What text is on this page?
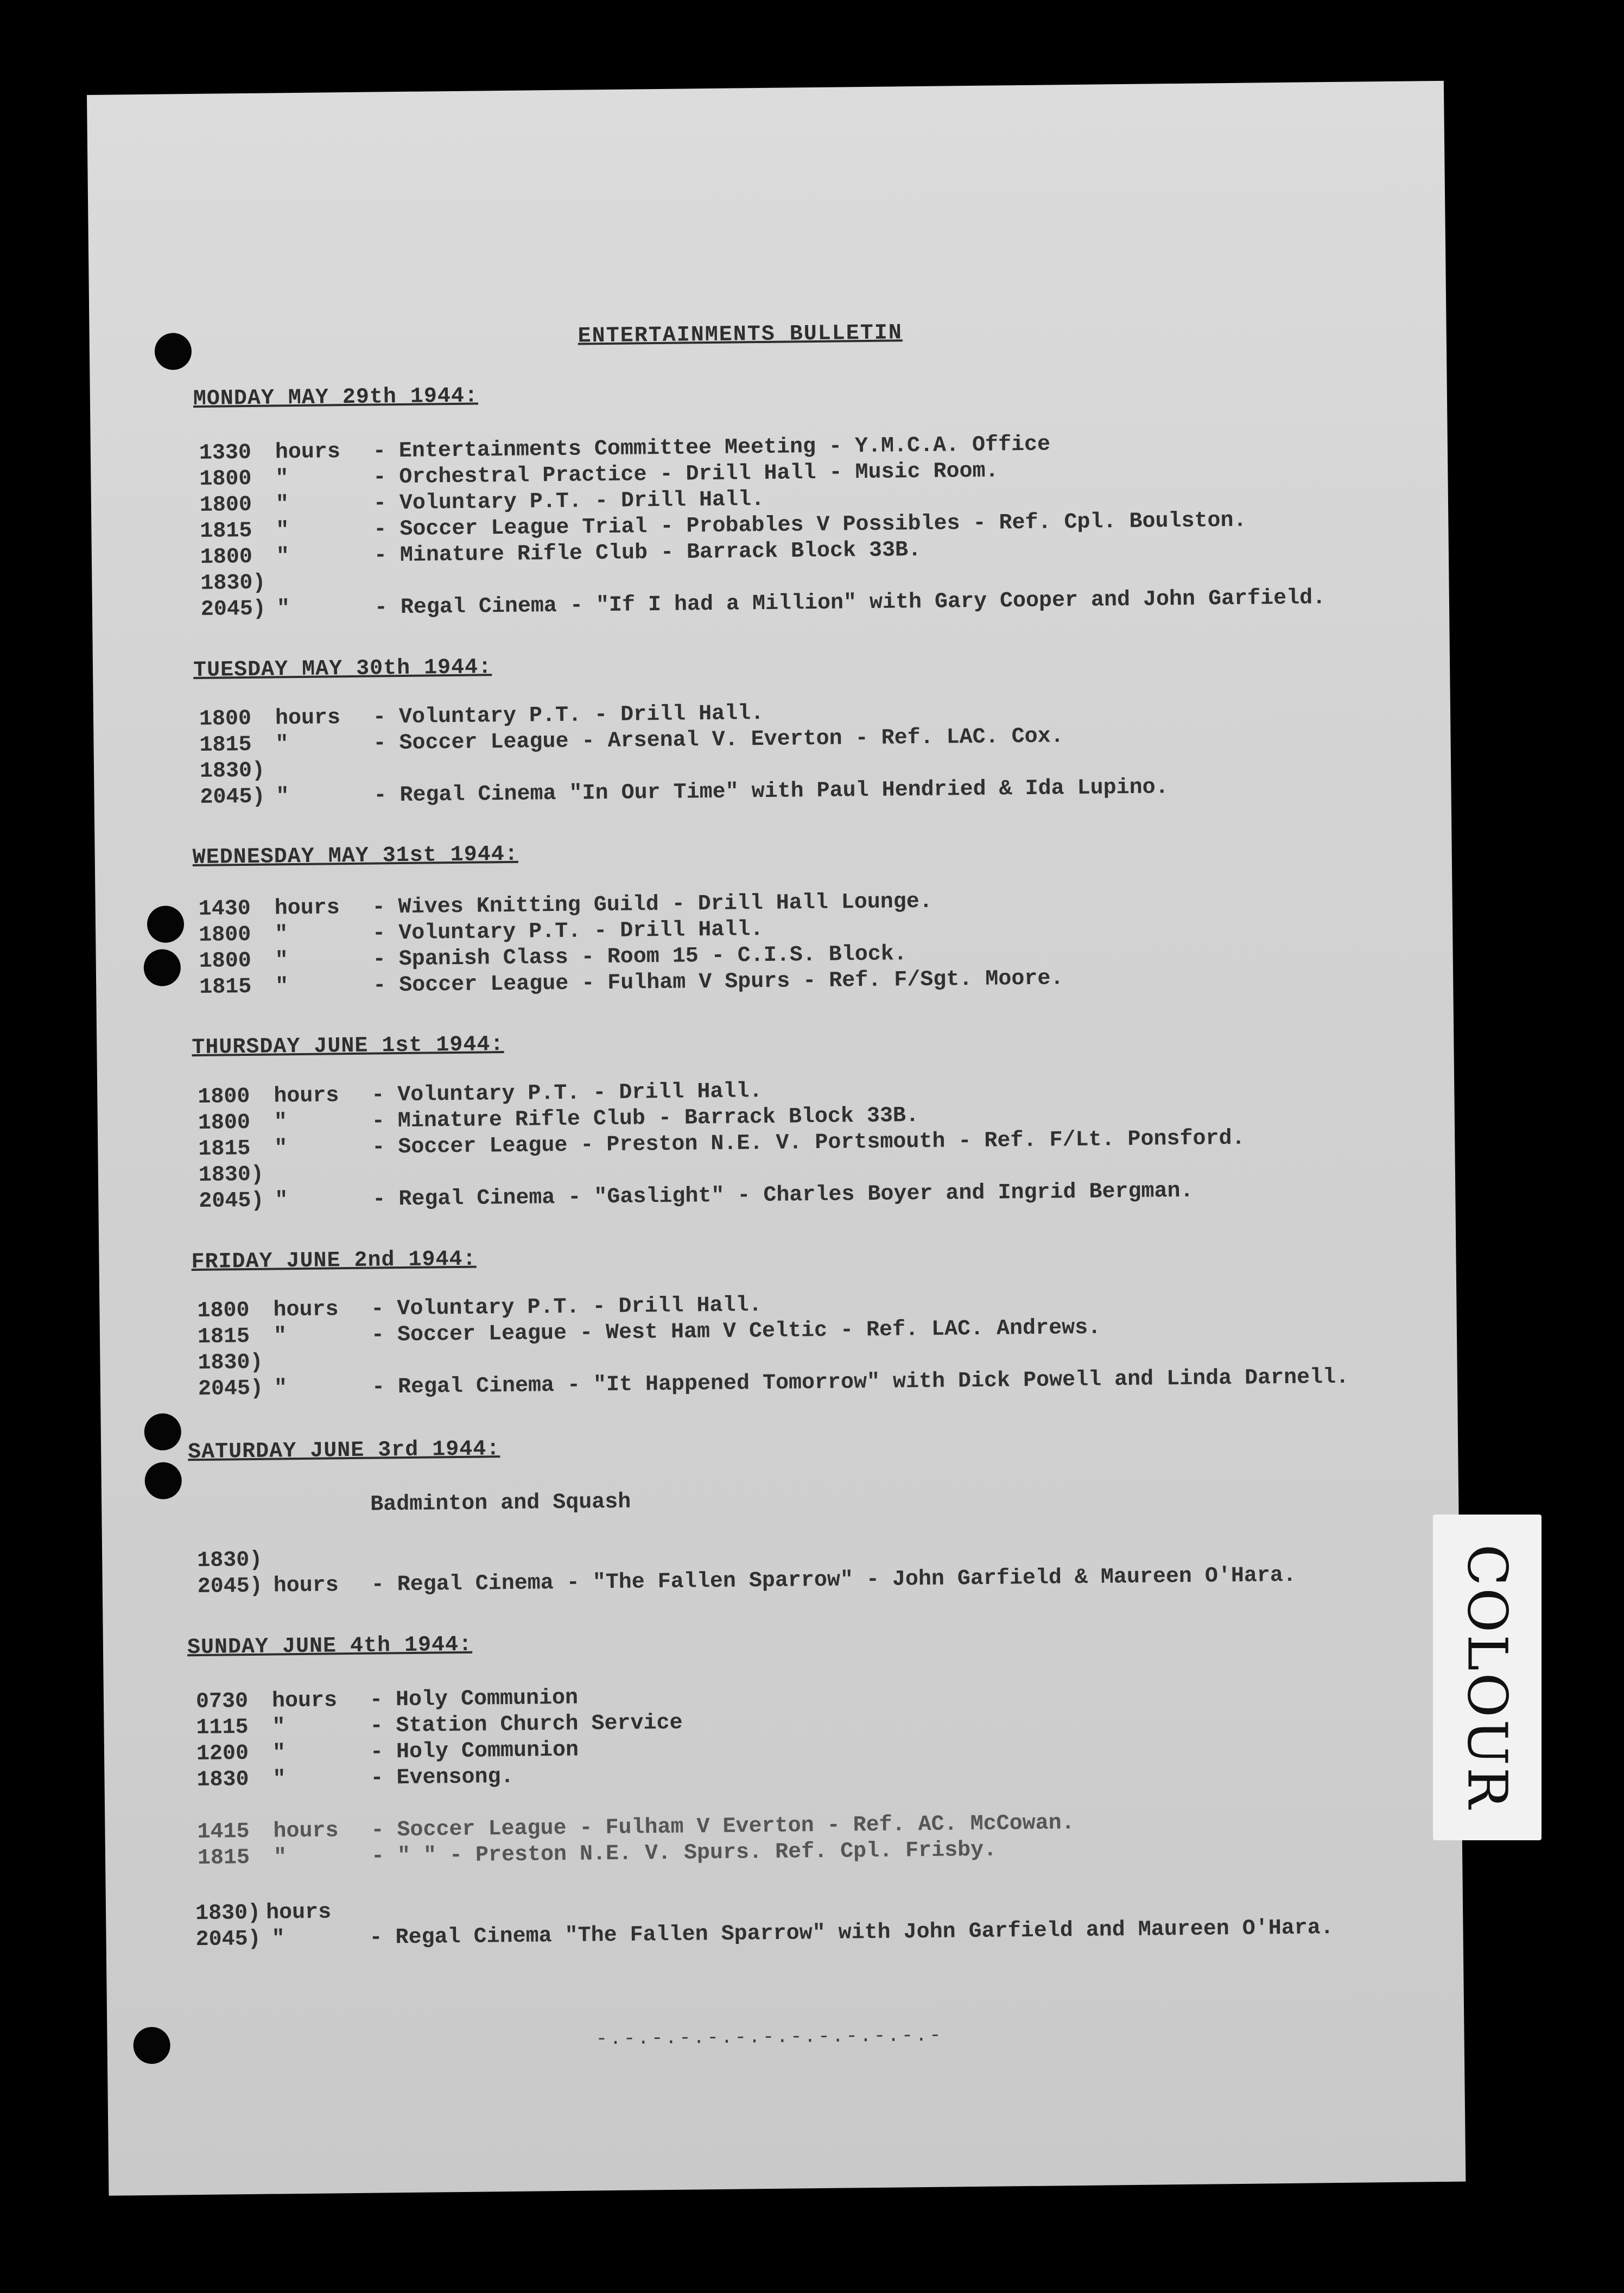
ENTERTAINMENTS BULLETIN
MONDAY MAY 29th 1944:
1330 hours - Entertainments Committee Meeting - Y.M.C.A. Office
1800 "	- Orchestral Practice - Drill Hall - Music Room.
1800 "	- Voluntary P.T. - Drill Hall.
1815 "	- Soccer League Trial - Probables V Possibles - Ref. Cpl. Boulston.
1800 "	- Minature Rifle Club - Barrack Block 33B.
1830)
2045) "	- Regal Cinema - "If I had a Million" with Gary Cooper and John Garfield.
TUESDAY MAY 30th 1944:
1800 hours - Voluntary P.T. - Drill Hall.
1815 "	- Soccer League - Arsenal V. Everton - Ref. LAC. Cox.
1830)
2045) "	- Regal Cinema "In Our Time" with Paul Hendried & Ida Lupino.
WEDNESDAY MAY 31st 1944:
1430 hours - Wives Knitting Guild - Drill Hall Lounge.
1800 "	- Voluntary P.T. - Drill Hall.
1800 "	- Spanish Class - Room 15 - C.I.S. Block.
1815 "	- Soccer League - Fulham V Spurs - Ref. F/Sgt. Moore.
THURSDAY JUNE 1st 1944:
1800 hours - Voluntary P.T. - Drill Hall.
1800 "	- Minature Rifle Club - Barrack Block 33B.
1815 "	- Soccer League - Preston N.E. V. Portsmouth - Ref. F/Lt. Ponsford.
1830)
2045) "	- Regal Cinema - "Gaslight" - Charles Boyer and Ingrid Bergman.
FRIDAY JUNE 2nd 1944:
1800 hours - Voluntary P.T. - Drill Hall.
1815 "	- Soccer League - West Ham V Celtic - Ref. LAC. Andrews.
1830)
2045) "	- Regal Cinema - "It Happened Tomorrow" with Dick Powell and Linda Darnell.
SATURDAY JUNE 3rd 1944:
Badminton and Squash
1830)
2045) hours - Regal Cinema - "The Fallen Sparrow" - John Garfield & Maureen O'Hara.
SUNDAY JUNE 4th 1944:
0730 hours - Holy Communion
1115 "	- Station Church Service
1200 "	- Holy Communion
1830 "	- Evensong.
1415 hours - Soccer League - Fulham V Everton - Ref. AC. McCowan.
1815 "	- " " - Preston N.E. V. Spurs. Ref. Cpl. Frisby.
1830) hours
2045) "	- Regal Cinema "The Fallen Sparrow" with John Garfield and Maureen O'Hara.
-.-.-.-.-.-.-.-.-.-.-.-.-
COLOUR
